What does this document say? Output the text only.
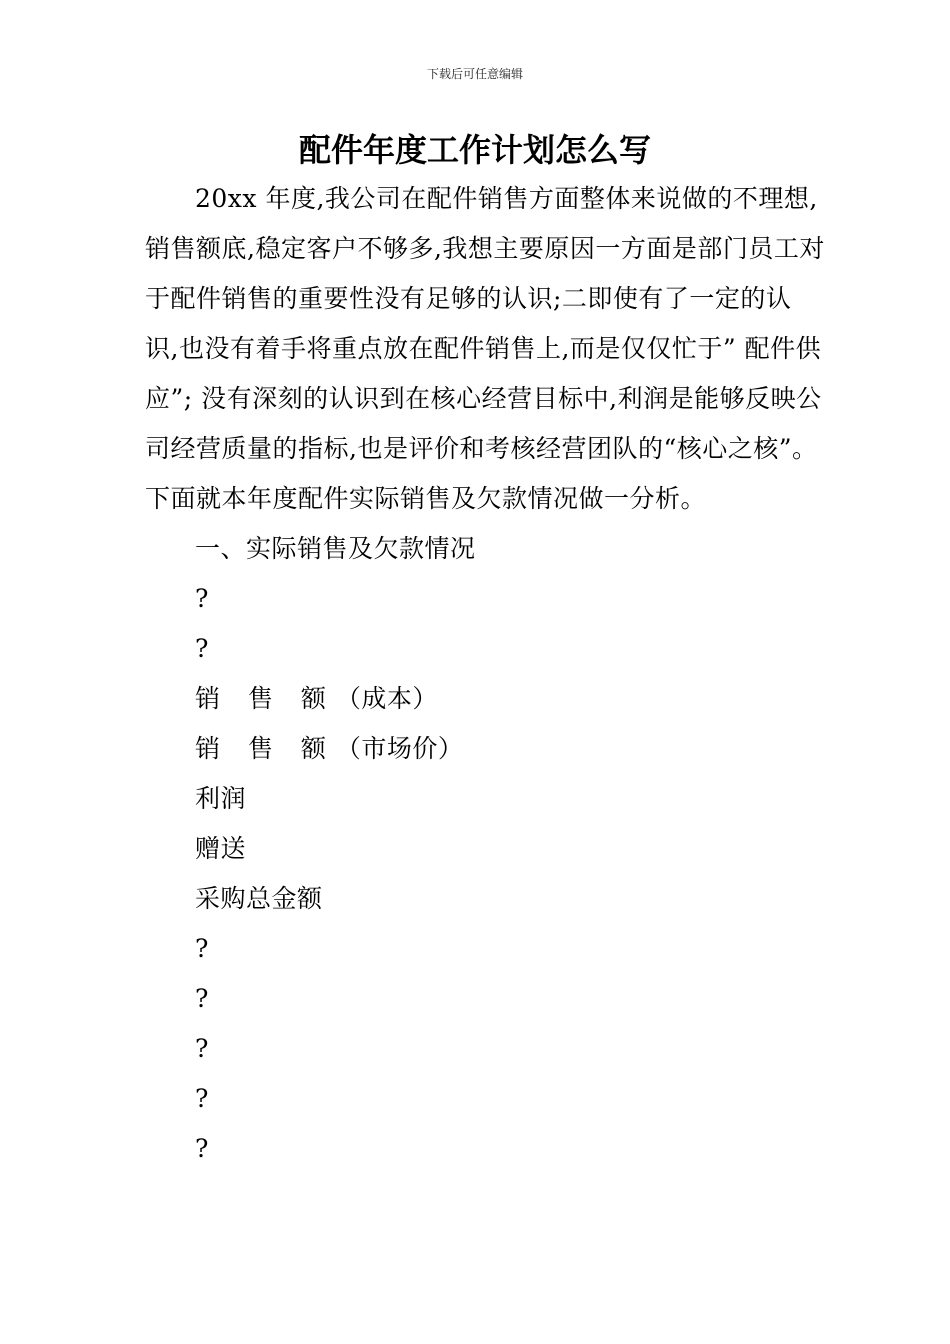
下载后可任意编辑
配件年度工作计划怎么写

20xx 年度,我公司在配件销售方面整体来说做的不理想,销售额底,稳定客户不够多,我想主要原因一方面是部门员工对于配件销售的重要性没有足够的认识;二即使有了一定的认识,也没有着手将重点放在配件销售上,而是仅仅忙于” 配件供应”; 没有深刻的认识到在核心经营目标中,利润是能够反映公司经营质量的指标,也是评价和考核经营团队的“核心之核”。下面就本年度配件实际销售及欠款情况做一分析。

一、实际销售及欠款情况

?

?

销 售 额（成本）

销 售 额（市场价）

利润

赠送

采购总金额

?

?

?

?

?
